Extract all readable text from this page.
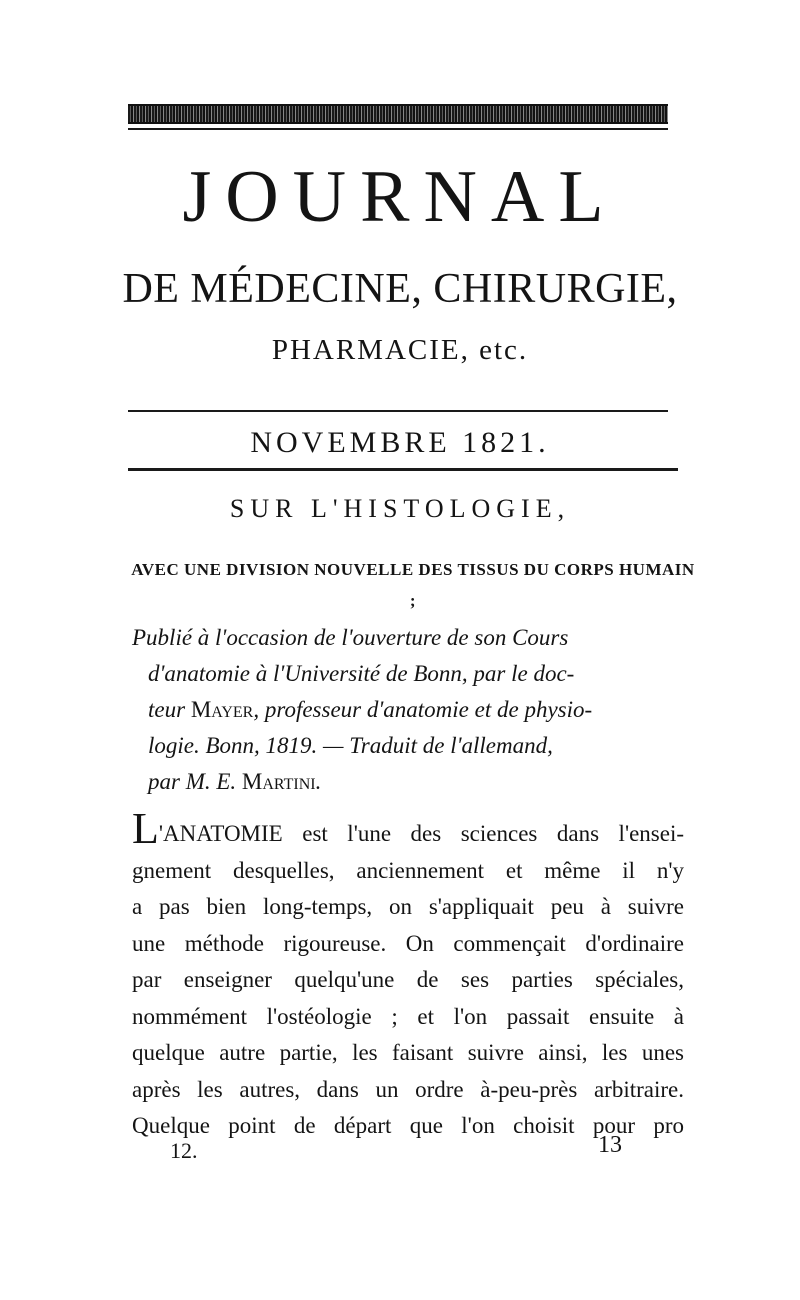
JOURNAL
DE MÉDECINE, CHIRURGIE,
PHARMACIE, etc.
NOVEMBRE 1821.
SUR L'HISTOLOGIE,
AVEC UNE DIVISION NOUVELLE DES TISSUS DU CORPS HUMAIN ;
Publié à l'occasion de l'ouverture de son Cours
d'anatomie à l'Université de Bonn, par le doc-
teur Mayer, professeur d'anatomie et de physio-
logie. Bonn, 1819. — Traduit de l'allemand,
par M. E. Martini.
L'ANATOMIE est l'une des sciences dans l'ensei-
gnement desquelles, anciennement et même il n'y
a pas bien long-temps, on s'appliquait peu à suivre
une méthode rigoureuse. On commençait d'ordinaire
par enseigner quelqu'une de ses parties spéciales,
nommément l'ostéologie ; et l'on passait ensuite à
quelque autre partie, les faisant suivre ainsi, les unes
après les autres, dans un ordre à-peu-près arbitraire.
Quelque point de départ que l'on choisit pour pro
12.	13
